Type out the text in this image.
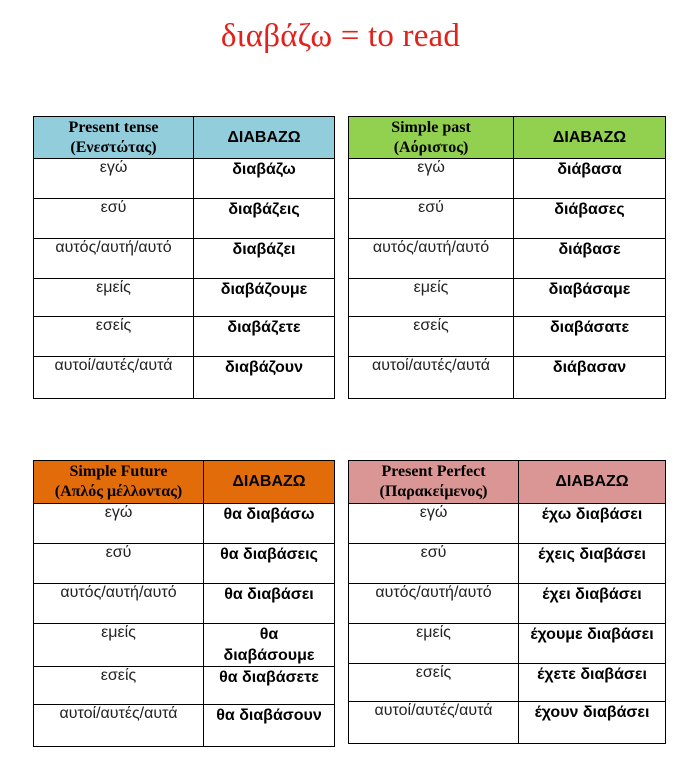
διαβάζω = to read
Present tense
(Ενεστώτας)	ΔΙΑΒΑΖΩ
εγώ	διαβάζω
εσύ	διαβάζεις
αυτός/αυτή/αυτό	διαβάζει
εμείς	διαβάζουμε
εσείς	διαβάζετε
αυτοί/αυτές/αυτά	διαβάζουν
Simple past
(Αόριστος)	ΔΙΑΒΑΖΩ
εγώ	διάβασα
εσύ	διάβασες
αυτός/αυτή/αυτό	διάβασε
εμείς	διαβάσαμε
εσείς	διαβάσατε
αυτοί/αυτές/αυτά	διάβασαν
Simple Future
(Απλός μέλλοντας)	ΔΙΑΒΑΖΩ
εγώ	θα διαβάσω
εσύ	θα διαβάσεις
αυτός/αυτή/αυτό	θα διαβάσει
εμείς	θα διαβάσουμε
εσείς	θα διαβάσετε
αυτοί/αυτές/αυτά	θα διαβάσουν
Present Perfect
(Παρακείμενος)	ΔΙΑΒΑΖΩ
εγώ	έχω διαβάσει
εσύ	έχεις διαβάσει
αυτός/αυτή/αυτό	έχει διαβάσει
εμείς	έχουμε διαβάσει
εσείς	έχετε διαβάσει
αυτοί/αυτές/αυτά	έχουν διαβάσει
